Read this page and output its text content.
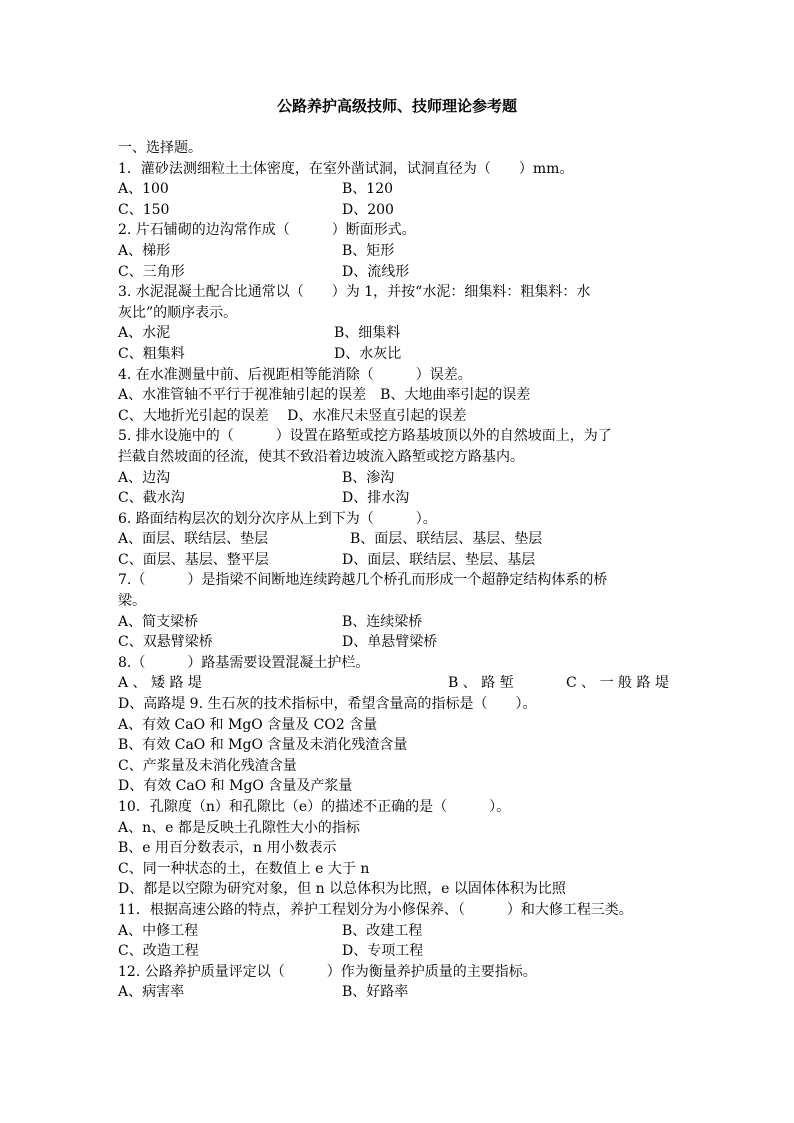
公路养护高级技师、技师理论参考题
一、选择题。
1．灌砂法测细粒土土体密度，在室外凿试洞，试洞直径为（　　）mm。
A、100	B、120
C、150	D、200
2. 片石铺砌的边沟常作成（　　　）断面形式。
A、梯形	B、矩形
C、三角形	D、流线形
3. 水泥混凝土配合比通常以（　　）为 1，并按“水泥：细集料：粗集料：水
灰比”的顺序表示。
A、水泥	B、细集料
C、粗集料	D、水灰比
4. 在水准测量中前、后视距相等能消除（　　　）误差。
A、水准管轴不平行于视准轴引起的误差　B、大地曲率引起的误差
C、大地折光引起的误差　 D、水准尺未竖直引起的误差
5. 排水设施中的（　　　）设置在路堑或挖方路基坡顶以外的自然坡面上，为了
拦截自然坡面的径流，使其不致沿着边坡流入路堑或挖方路基内。
A、边沟	B、渗沟
C、截水沟	D、排水沟
6. 路面结构层次的划分次序从上到下为（　　　）。
A、面层、联结层、垫层	B、面层、联结层、基层、垫层
C、面层、基层、整平层	D、面层、联结层、垫层、基层
7.（　　　）是指梁不间断地连续跨越几个桥孔而形成一个超静定结构体系的桥
梁。
A、简支梁桥	B、连续梁桥
C、双悬臂梁桥	D、单悬臂梁桥
8.（　　　）路基需要设置混凝土护栏。
A 、 矮 路 堤	B 、 路 堑	C 、 一 般 路 堤
D、高路堤 9. 生石灰的技术指标中，希望含量高的指标是（　　）。
A、有效 CaO 和 MgO 含量及 CO2 含量
B、有效 CaO 和 MgO 含量及未消化残渣含量
C、产浆量及未消化残渣含量
D、有效 CaO 和 MgO 含量及产浆量
10．孔隙度（n）和孔隙比（e）的描述不正确的是（　　　）。
A、n、e 都是反映土孔隙性大小的指标
B、e 用百分数表示，n 用小数表示
C、同一种状态的土，在数值上 e 大于 n
D、都是以空隙为研究对象，但 n 以总体积为比照，e 以固体体积为比照
11．根据高速公路的特点，养护工程划分为小修保养、（　　　）和大修工程三类。
A、中修工程	B、改建工程
C、改造工程	D、专项工程
12. 公路养护质量评定以（　　　）作为衡量养护质量的主要指标。
A、病害率	B、好路率
